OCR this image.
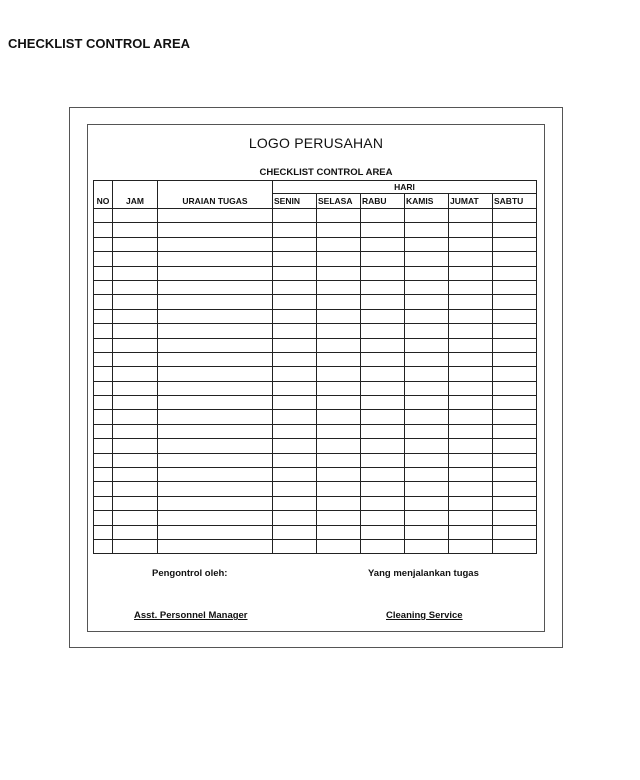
CHECKLIST CONTROL AREA
LOGO PERUSAHAN
CHECKLIST CONTROL AREA
NO	JAM	URAIAN TUGAS	HARI					
			SENIN	SELASA	RABU	KAMIS	JUMAT	SABTU

Pengontrol oleh:	Yang menjalankan tugas
Asst. Personnel Manager	Cleaning Service
